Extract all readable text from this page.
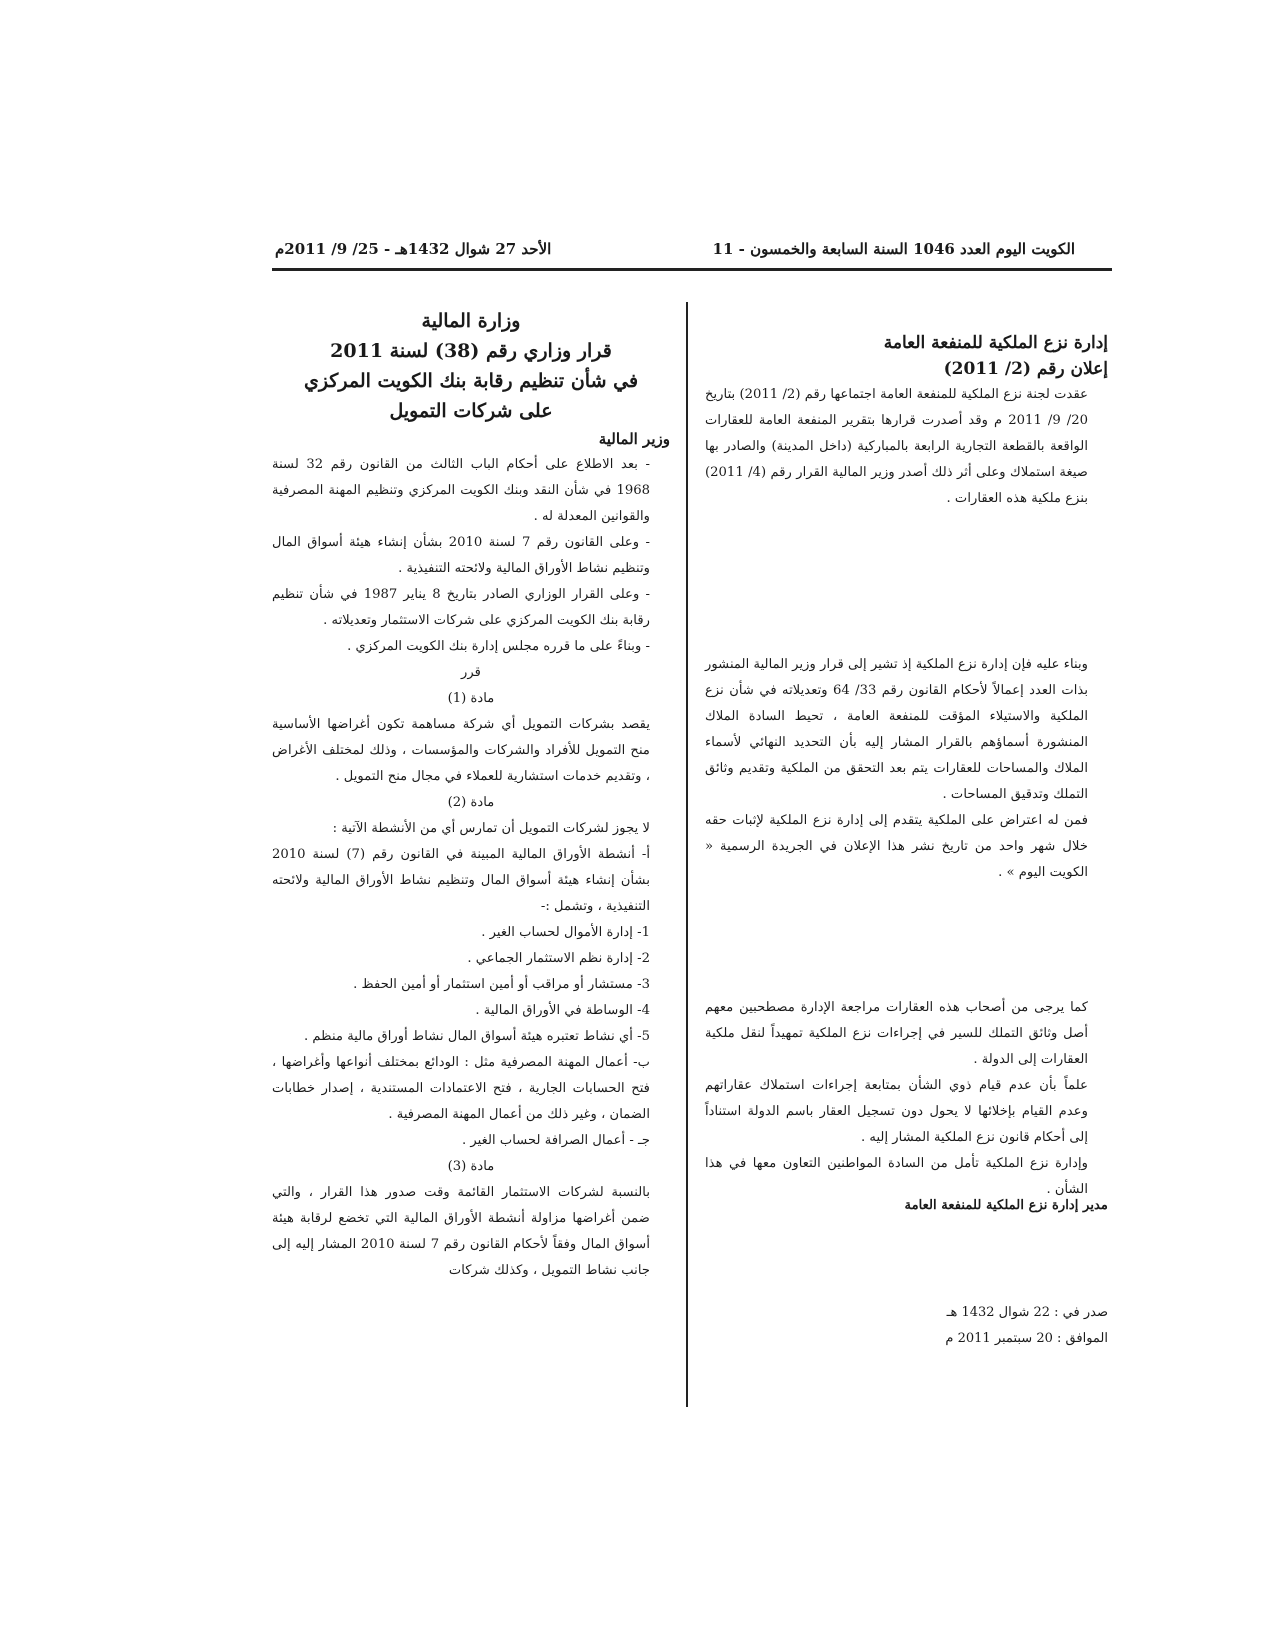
الكويت اليوم العدد 1046 السنة السابعة والخمسون - 11
الأحد 27 شوال 1432هـ - 25/ 9/ 2011م

إدارة نزع الملكية للمنفعة العامة

إعلان رقم (2/ 2011)

عقدت لجنة نزع الملكية للمنفعة العامة اجتماعها رقم (2/ 2011) بتاريخ 20/ 9/ 2011 م وقد أصدرت قرارها بتقرير المنفعة العامة للعقارات الواقعة بالقطعة التجارية الرابعة بالمباركية (داخل المدينة) والصادر بها صيغة استملاك وعلى أثر ذلك أصدر وزير المالية القرار رقم (4/ 2011) بنزع ملكية هذه العقارات .

وبناء عليه فإن إدارة نزع الملكية إذ تشير إلى قرار وزير المالية المنشور بذات العدد إعمالاً لأحكام القانون رقم 33/ 64 وتعديلاته في شأن نزع الملكية والاستيلاء المؤقت للمنفعة العامة ، تحيط السادة الملاك المنشورة أسماؤهم بالقرار المشار إليه بأن التحديد النهائي لأسماء الملاك والمساحات للعقارات يتم بعد التحقق من الملكية وتقديم وثائق التملك وتدقيق المساحات .

فمن له اعتراض على الملكية يتقدم إلى إدارة نزع الملكية لإثبات حقه خلال شهر واحد من تاريخ نشر هذا الإعلان في الجريدة الرسمية « الكويت اليوم » .

كما يرجى من أصحاب هذه العقارات مراجعة الإدارة مصطحبين معهم أصل وثائق التملك للسير في إجراءات نزع الملكية تمهيداً لنقل ملكية العقارات إلى الدولة .

علماً بأن عدم قيام ذوي الشأن بمتابعة إجراءات استملاك عقاراتهم وعدم القيام بإخلائها لا يحول دون تسجيل العقار باسم الدولة استناداً إلى أحكام قانون نزع الملكية المشار إليه .

وإدارة نزع الملكية تأمل من السادة المواطنين التعاون معها في هذا الشأن .

مدير إدارة نزع الملكية للمنفعة العامة

صدر في : 22 شوال 1432 هـ

الموافق : 20 سبتمبر 2011 م

وزارة المالية

قرار وزاري رقم (38) لسنة 2011

في شأن تنظيم رقابة بنك الكويت المركزي

على شركات التمويل

وزير المالية

- بعد الاطلاع على أحكام الباب الثالث من القانون رقم 32 لسنة 1968 في شأن النقد وبنك الكويت المركزي وتنظيم المهنة المصرفية والقوانين المعدلة له .

- وعلى القانون رقم 7 لسنة 2010 بشأن إنشاء هيئة أسواق المال وتنظيم نشاط الأوراق المالية ولائحته التنفيذية .

- وعلى القرار الوزاري الصادر بتاريخ 8 يناير 1987 في شأن تنظيم رقابة بنك الكويت المركزي على شركات الاستثمار وتعديلاته .

- وبناءً على ما قرره مجلس إدارة بنك الكويت المركزي .

قرر

مادة (1)

يقصد بشركات التمويل أي شركة مساهمة تكون أغراضها الأساسية منح التمويل للأفراد والشركات والمؤسسات ، وذلك لمختلف الأغراض ، وتقديم خدمات استشارية للعملاء في مجال منح التمويل .

مادة (2)

لا يجوز لشركات التمويل أن تمارس أي من الأنشطة الآتية :

أ- أنشطة الأوراق المالية المبينة في القانون رقم (7) لسنة 2010 بشأن إنشاء هيئة أسواق المال وتنظيم نشاط الأوراق المالية ولائحته التنفيذية ، وتشمل :-

1- إدارة الأموال لحساب الغير .

2- إدارة نظم الاستثمار الجماعي .

3- مستشار أو مراقب أو أمين استثمار أو أمين الحفظ .

4- الوساطة في الأوراق المالية .

5- أي نشاط تعتبره هيئة أسواق المال نشاط أوراق مالية منظم .

ب- أعمال المهنة المصرفية مثل : الودائع بمختلف أنواعها وأغراضها ، فتح الحسابات الجارية ، فتح الاعتمادات المستندية ، إصدار خطابات الضمان ، وغير ذلك من أعمال المهنة المصرفية .

جـ - أعمال الصرافة لحساب الغير .

مادة (3)

بالنسبة لشركات الاستثمار القائمة وقت صدور هذا القرار ، والتي ضمن أغراضها مزاولة أنشطة الأوراق المالية التي تخضع لرقابة هيئة أسواق المال وفقاً لأحكام القانون رقم 7 لسنة 2010 المشار إليه إلى جانب نشاط التمويل ، وكذلك شركات
